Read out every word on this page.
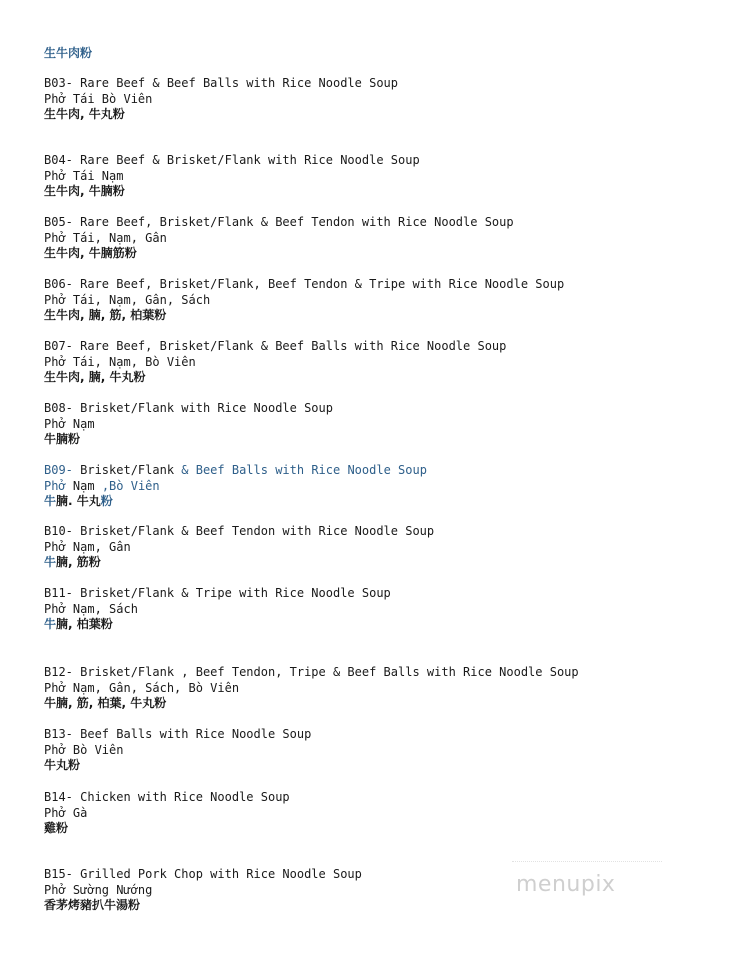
生牛肉粉
B03- Rare Beef & Beef Balls with Rice Noodle Soup
Phở Tái Bò Viên
生牛肉, 牛丸粉
B04- Rare Beef & Brisket/Flank with Rice Noodle Soup
Phở Tái Nạm
生牛肉, 牛腩粉
B05- Rare Beef, Brisket/Flank & Beef Tendon with Rice Noodle Soup
Phở Tái, Nạm, Gân
生牛肉, 牛腩筋粉
B06- Rare Beef, Brisket/Flank, Beef Tendon & Tripe with Rice Noodle Soup
Phở Tái, Nạm, Gân, Sách
生牛肉, 腩, 筋, 柏葉粉
B07- Rare Beef, Brisket/Flank & Beef Balls with Rice Noodle Soup
Phở Tái, Nạm, Bò Viên
生牛肉, 腩, 牛丸粉
B08- Brisket/Flank with Rice Noodle Soup
Phở Nạm
牛腩粉
B09- Brisket/Flank & Beef Balls with Rice Noodle Soup
Phở Nạm ,Bò Viên
牛腩. 牛丸粉
B10- Brisket/Flank & Beef Tendon with Rice Noodle Soup
Phở Nạm, Gân
牛腩, 筋粉
B11- Brisket/Flank & Tripe with Rice Noodle Soup
Phở Nạm, Sách
牛腩, 柏葉粉
B12- Brisket/Flank , Beef Tendon, Tripe & Beef Balls with Rice Noodle Soup
Phở Nạm, Gân, Sách, Bò Viên
牛腩, 筋, 柏葉, 牛丸粉
B13- Beef Balls with Rice Noodle Soup
Phở Bò Viên
牛丸粉
B14- Chicken with Rice Noodle Soup
Phở Gà
雞粉
B15- Grilled Pork Chop with Rice Noodle Soup
Phở Sường Nướng
香茅烤豬扒牛湯粉
menupix
